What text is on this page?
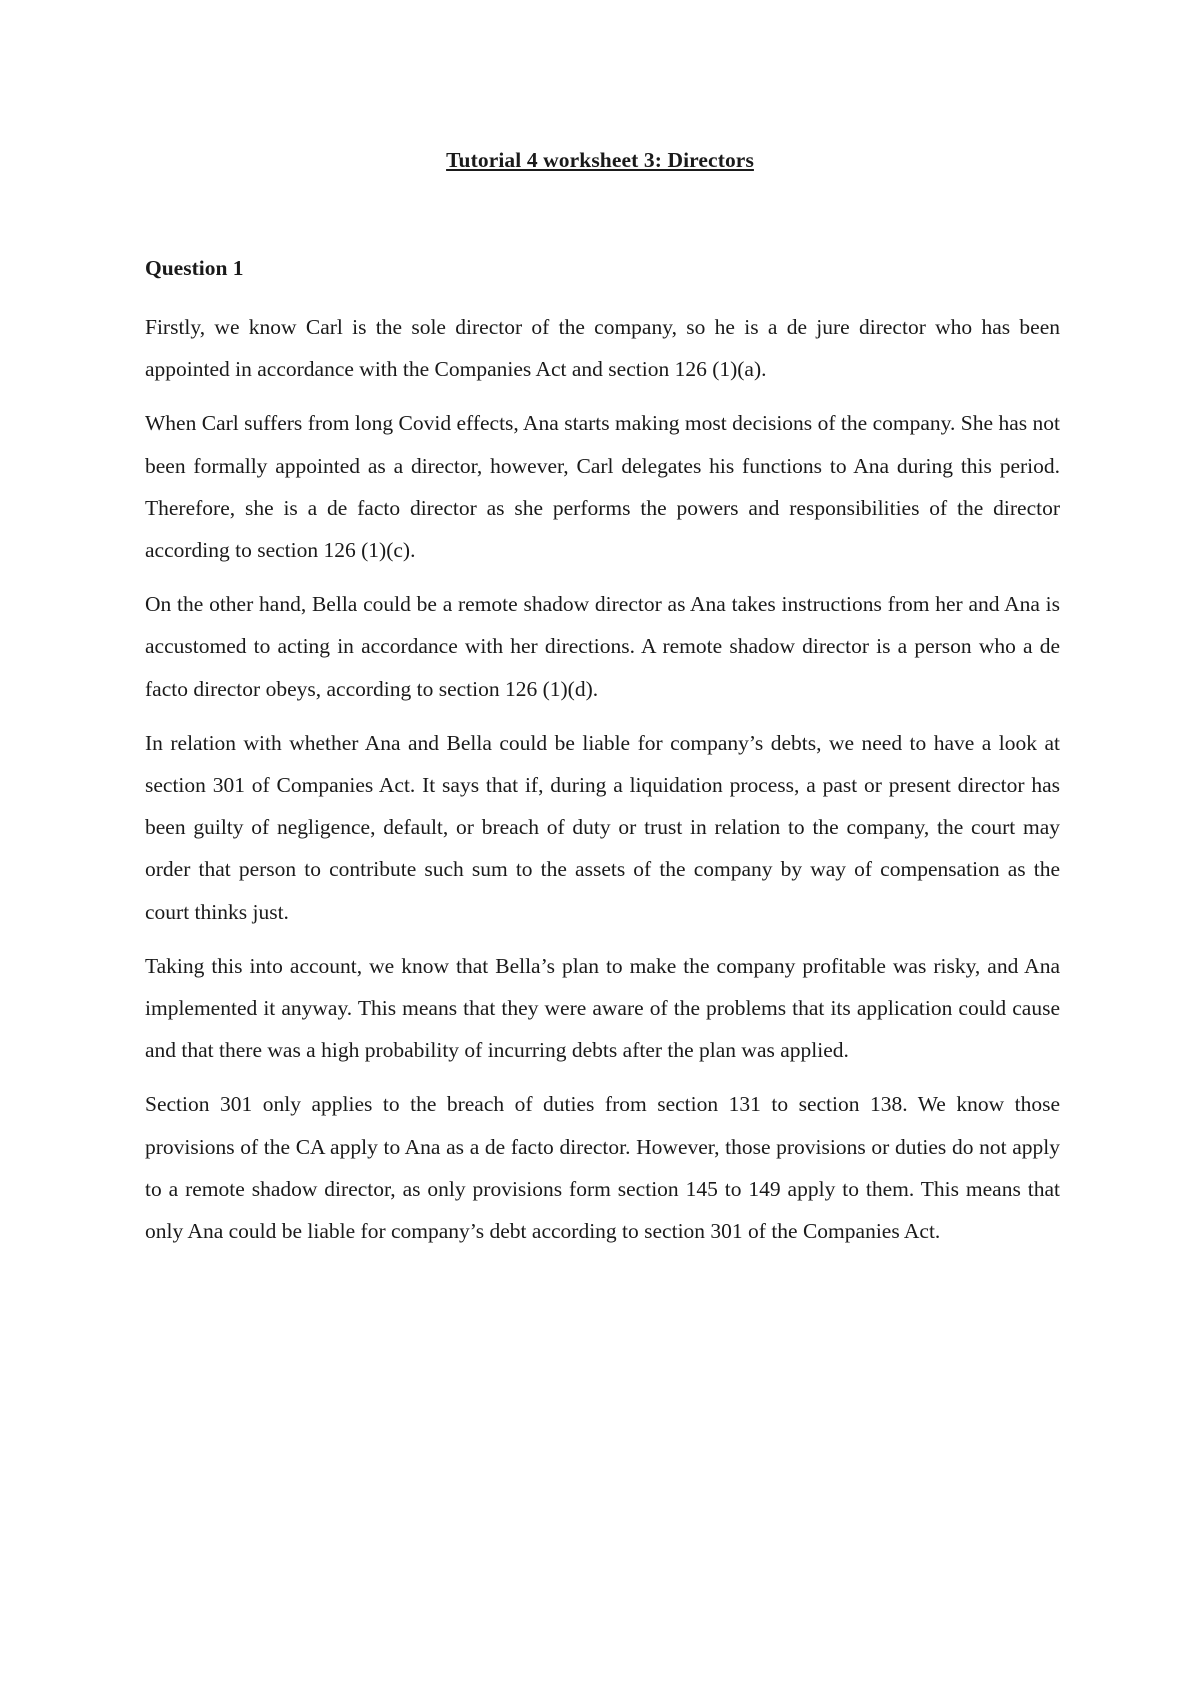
Tutorial 4 worksheet 3: Directors
Question 1

Firstly, we know Carl is the sole director of the company, so he is a de jure director who has been appointed in accordance with the Companies Act and section 126 (1)(a).

When Carl suffers from long Covid effects, Ana starts making most decisions of the company. She has not been formally appointed as a director, however, Carl delegates his functions to Ana during this period. Therefore, she is a de facto director as she performs the powers and responsibilities of the director according to section 126 (1)(c).

On the other hand, Bella could be a remote shadow director as Ana takes instructions from her and Ana is accustomed to acting in accordance with her directions. A remote shadow director is a person who a de facto director obeys, according to section 126 (1)(d).

In relation with whether Ana and Bella could be liable for company’s debts, we need to have a look at section 301 of Companies Act. It says that if, during a liquidation process, a past or present director has been guilty of negligence, default, or breach of duty or trust in relation to the company, the court may order that person to contribute such sum to the assets of the company by way of compensation as the court thinks just.

Taking this into account, we know that Bella’s plan to make the company profitable was risky, and Ana implemented it anyway. This means that they were aware of the problems that its application could cause and that there was a high probability of incurring debts after the plan was applied.

Section 301 only applies to the breach of duties from section 131 to section 138. We know those provisions of the CA apply to Ana as a de facto director. However, those provisions or duties do not apply to a remote shadow director, as only provisions form section 145 to 149 apply to them. This means that only Ana could be liable for company’s debt according to section 301 of the Companies Act.
